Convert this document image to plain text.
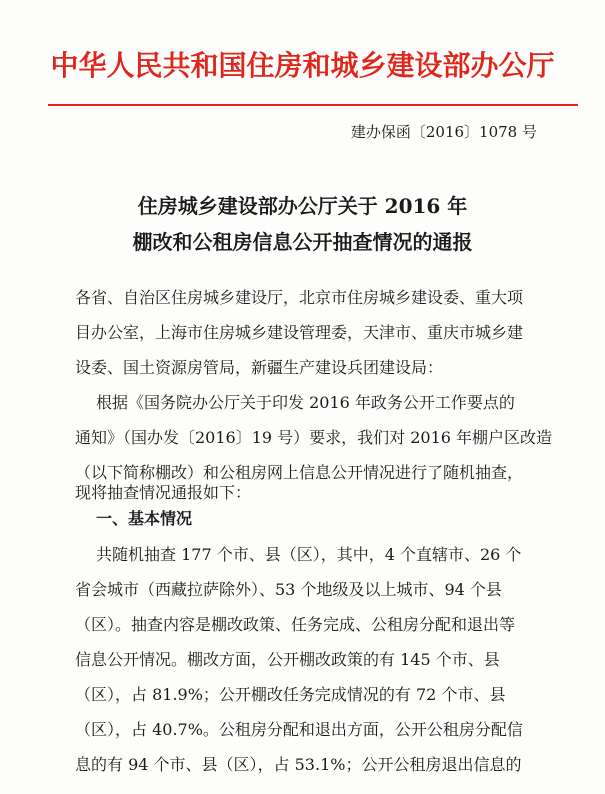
中华人民共和国住房和城乡建设部办公厅
建办保函〔2016〕1078 号
住房城乡建设部办公厅关于 2016 年
棚改和公租房信息公开抽查情况的通报
各省、自治区住房城乡建设厅，北京市住房城乡建设委、重大项
目办公室，上海市住房城乡建设管理委，天津市、重庆市城乡建
设委、国土资源房管局，新疆生产建设兵团建设局：
根据《国务院办公厅关于印发 2016 年政务公开工作要点的
通知》（国办发〔2016〕19 号）要求，我们对 2016 年棚户区改造
（以下简称棚改）和公租房网上信息公开情况进行了随机抽查，
现将抽查情况通报如下：
一、基本情况
共随机抽查 177 个市、县（区），其中，4 个直辖市、26 个
省会城市（西藏拉萨除外）、53 个地级及以上城市、94 个县
（区）。抽查内容是棚改政策、任务完成、公租房分配和退出等
信息公开情况。棚改方面，公开棚改政策的有 145 个市、县
（区），占 81.9%；公开棚改任务完成情况的有 72 个市、县
（区），占 40.7%。公租房分配和退出方面，公开公租房分配信
息的有 94 个市、县（区），占 53.1%；公开公租房退出信息的
